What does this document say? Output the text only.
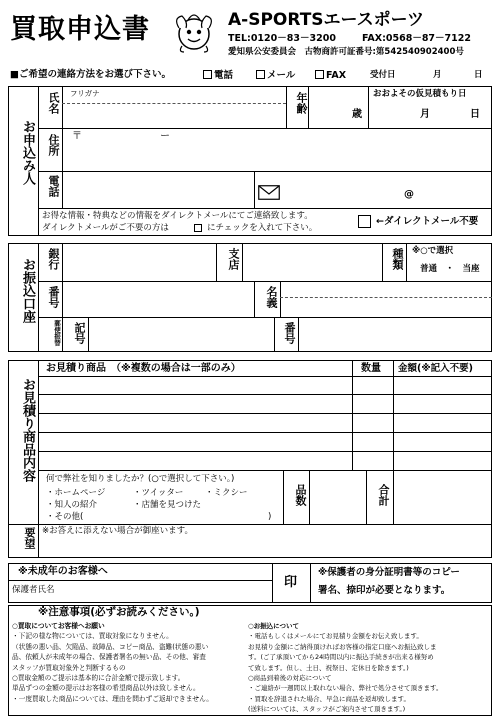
買取申込書	A-SPORTSエースポーツ
TEL:0120－83－3200	FAX:0568－87－7122
愛知県公安委員会　古物商許可証番号:第542540902400号
■ご希望の連絡方法をお選び下さい。	電話	メール	FAX	受付日	月	日
お申込み人
氏名 フリガナ	年齢
歳
おおよその仮見積もり日
月	日
住所 〒	ー
電話	@
お得な情報・特典などの情報をダイレクトメールにてご連絡致します。
ダイレクトメールがご不要の方は	にチェックを入れて下さい。
←ダイレクトメール不要
お振込口座	銀行	支店	種類 ※○で選択
普通　・　当座
番号	名義
郵便振替	記号	番号
お見積り商品内容
お見積り商品　（※複数の場合は一部のみ）	数量 金額(※記入不要)
何で弊社を知りましたか？(○で選択して下さい。)
・ホームページ	・ツイッター	・ミクシー
・知人の紹介	・店舗を見つけた
・その他(	)
品数	合計
要望 ※お答えに添えない場合が御座います。
※未成年のお客様へ
保護者氏名	印
※保護者の身分証明書等のコピー
署名、捺印が必要となります。
※注意事項(必ずお読みください。)
○買取についてお客様へお願い
・下記の様な物については、買取対象になりません。
（状態の悪い品、欠陥品、故障品、コピー商品、盗難(状態の悪い
品、依頼人が未成年の場合、保護者署名の無い品、その他、審査
スタッフが買取対象外と判断するもの
○買取金額のご提示は基本的に合計金額で提示致します。
単品ずつの金額の提示はお客様の希望商品以外は致しません。
・一度買取した商品については、理由を問わずご返却できません。
○お振込について
・電話もしくはメールにてお見積り金額をお伝え致します。
お見積り金額にご納得頂ければお客様の指定口座へお振込致しま
す。(ご了承頂いてから24時間以内に振込手続きが出来る様努め
て致します。但し、土日、祝祭日、定休日を除きます。)
○商品到着後の対応について
・ご連絡が一週間以上取れない場合、弊社で処分させて頂きます。
・買取を辞退された場合、早急に商品を返却致します。
(送料については、スタッフがご案内させて頂きます。)
